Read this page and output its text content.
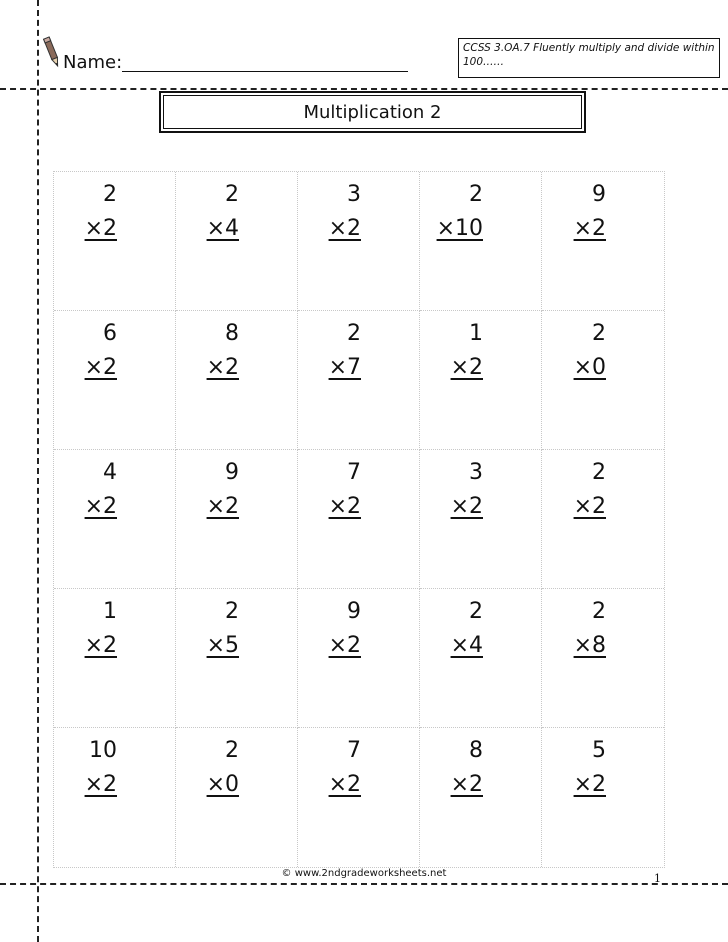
Name:
CCSS 3.OA.7 Fluently multiply and divide within 100……
Multiplication 2
2
×2
2
×4
3
×2
2
×10
9
×2
6
×2
8
×2
2
×7
1
×2
2
×0
4
×2
9
×2
7
×2
3
×2
2
×2
1
×2
2
×5
9
×2
2
×4
2
×8
10
×2
2
×0
7
×2
8
×2
5
×2
© www.2ndgradeworksheets.net	1
